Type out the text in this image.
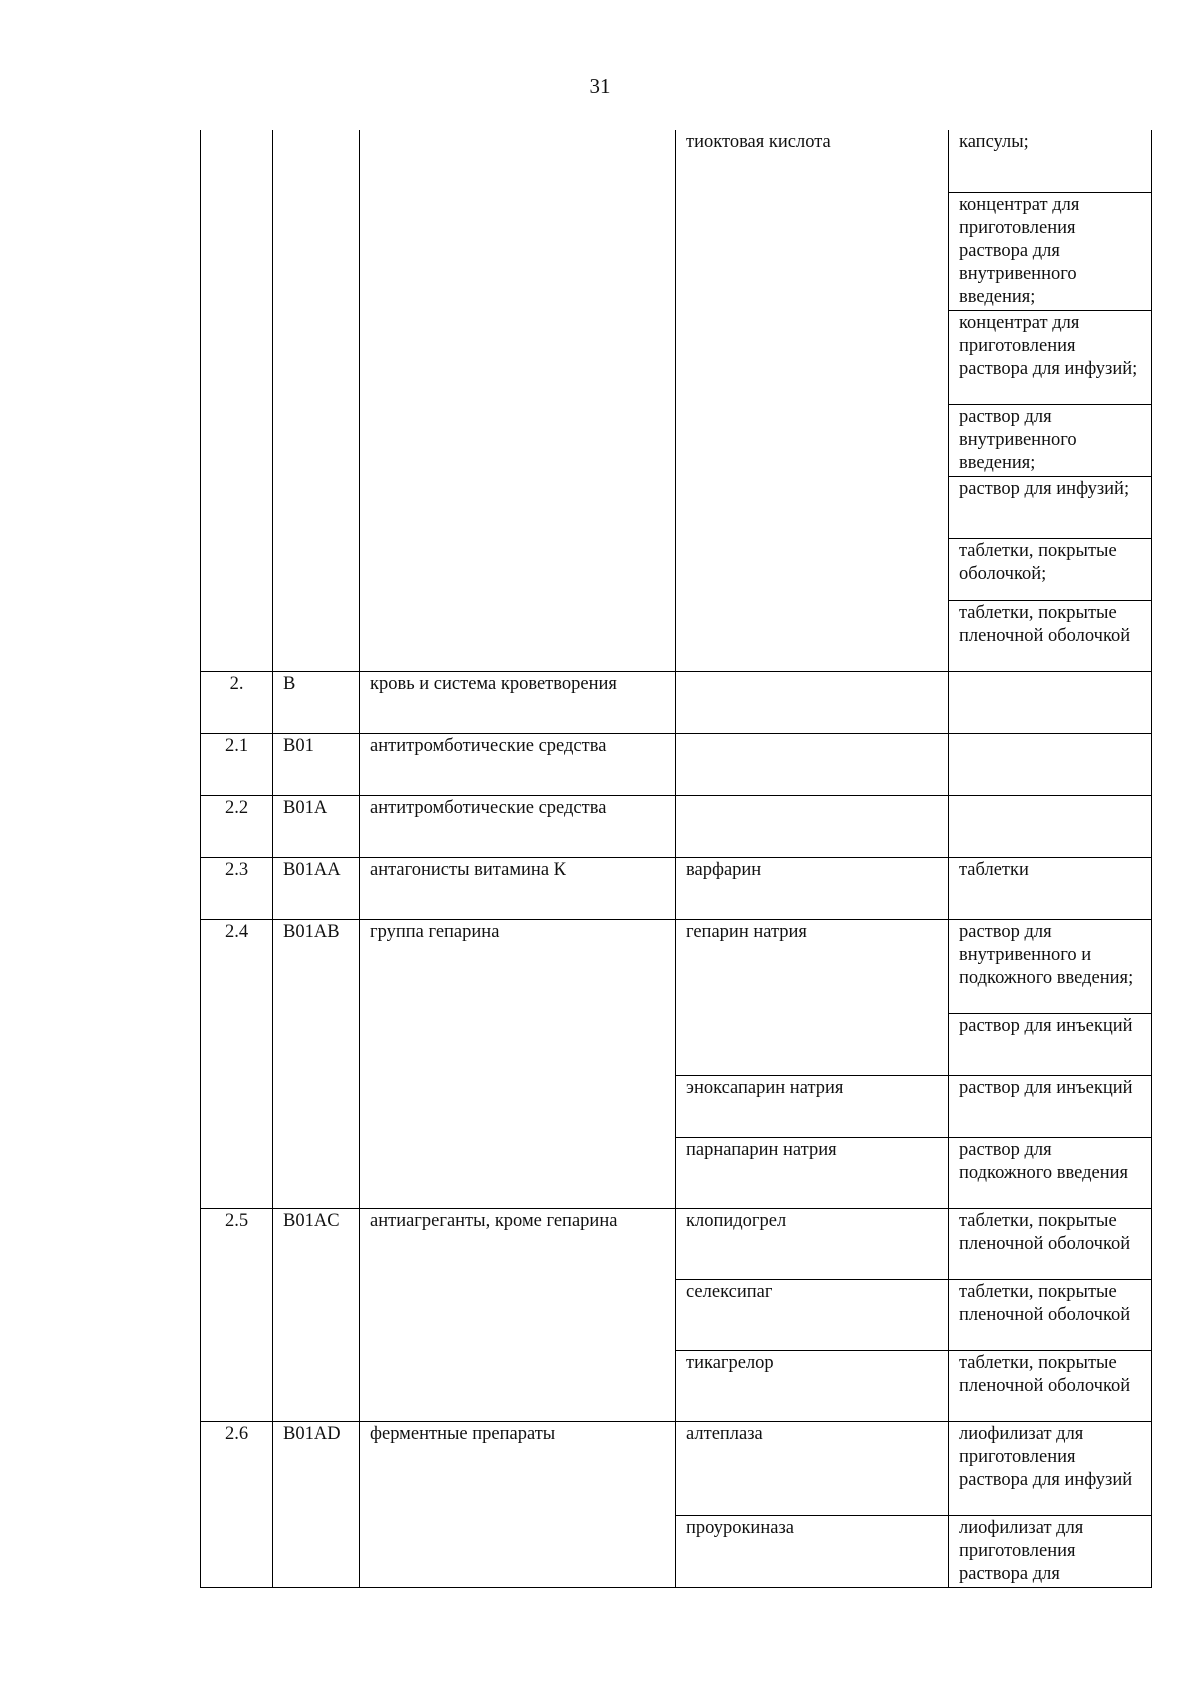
31
			тиоктовая кислота	капсулы;
				концентрат для приготовления раствора для внутривенного введения;
				концентрат для приготовления раствора для инфузий;
				раствор для внутривенного введения;
				раствор для инфузий;
				таблетки, покрытые оболочкой;
				таблетки, покрытые пленочной оболочкой
2.	B	кровь и система кроветворения		
2.1	B01	антитромботические средства		
2.2	B01A	антитромботические средства		
2.3	B01AA	антагонисты витамина К	варфарин	таблетки
2.4	B01AB	группа гепарина	гепарин натрия	раствор для внутривенного и подкожного введения;
				раствор для инъекций
			эноксапарин натрия	раствор для инъекций
			парнапарин натрия	раствор для подкожного введения
2.5	B01AC	антиагреганты, кроме гепарина	клопидогрел	таблетки, покрытые пленочной оболочкой
			селексипаг	таблетки, покрытые пленочной оболочкой
			тикагрелор	таблетки, покрытые пленочной оболочкой
2.6	B01AD	ферментные препараты	алтеплаза	лиофилизат для приготовления раствора для инфузий
			проурокиназа	лиофилизат для приготовления раствора для
